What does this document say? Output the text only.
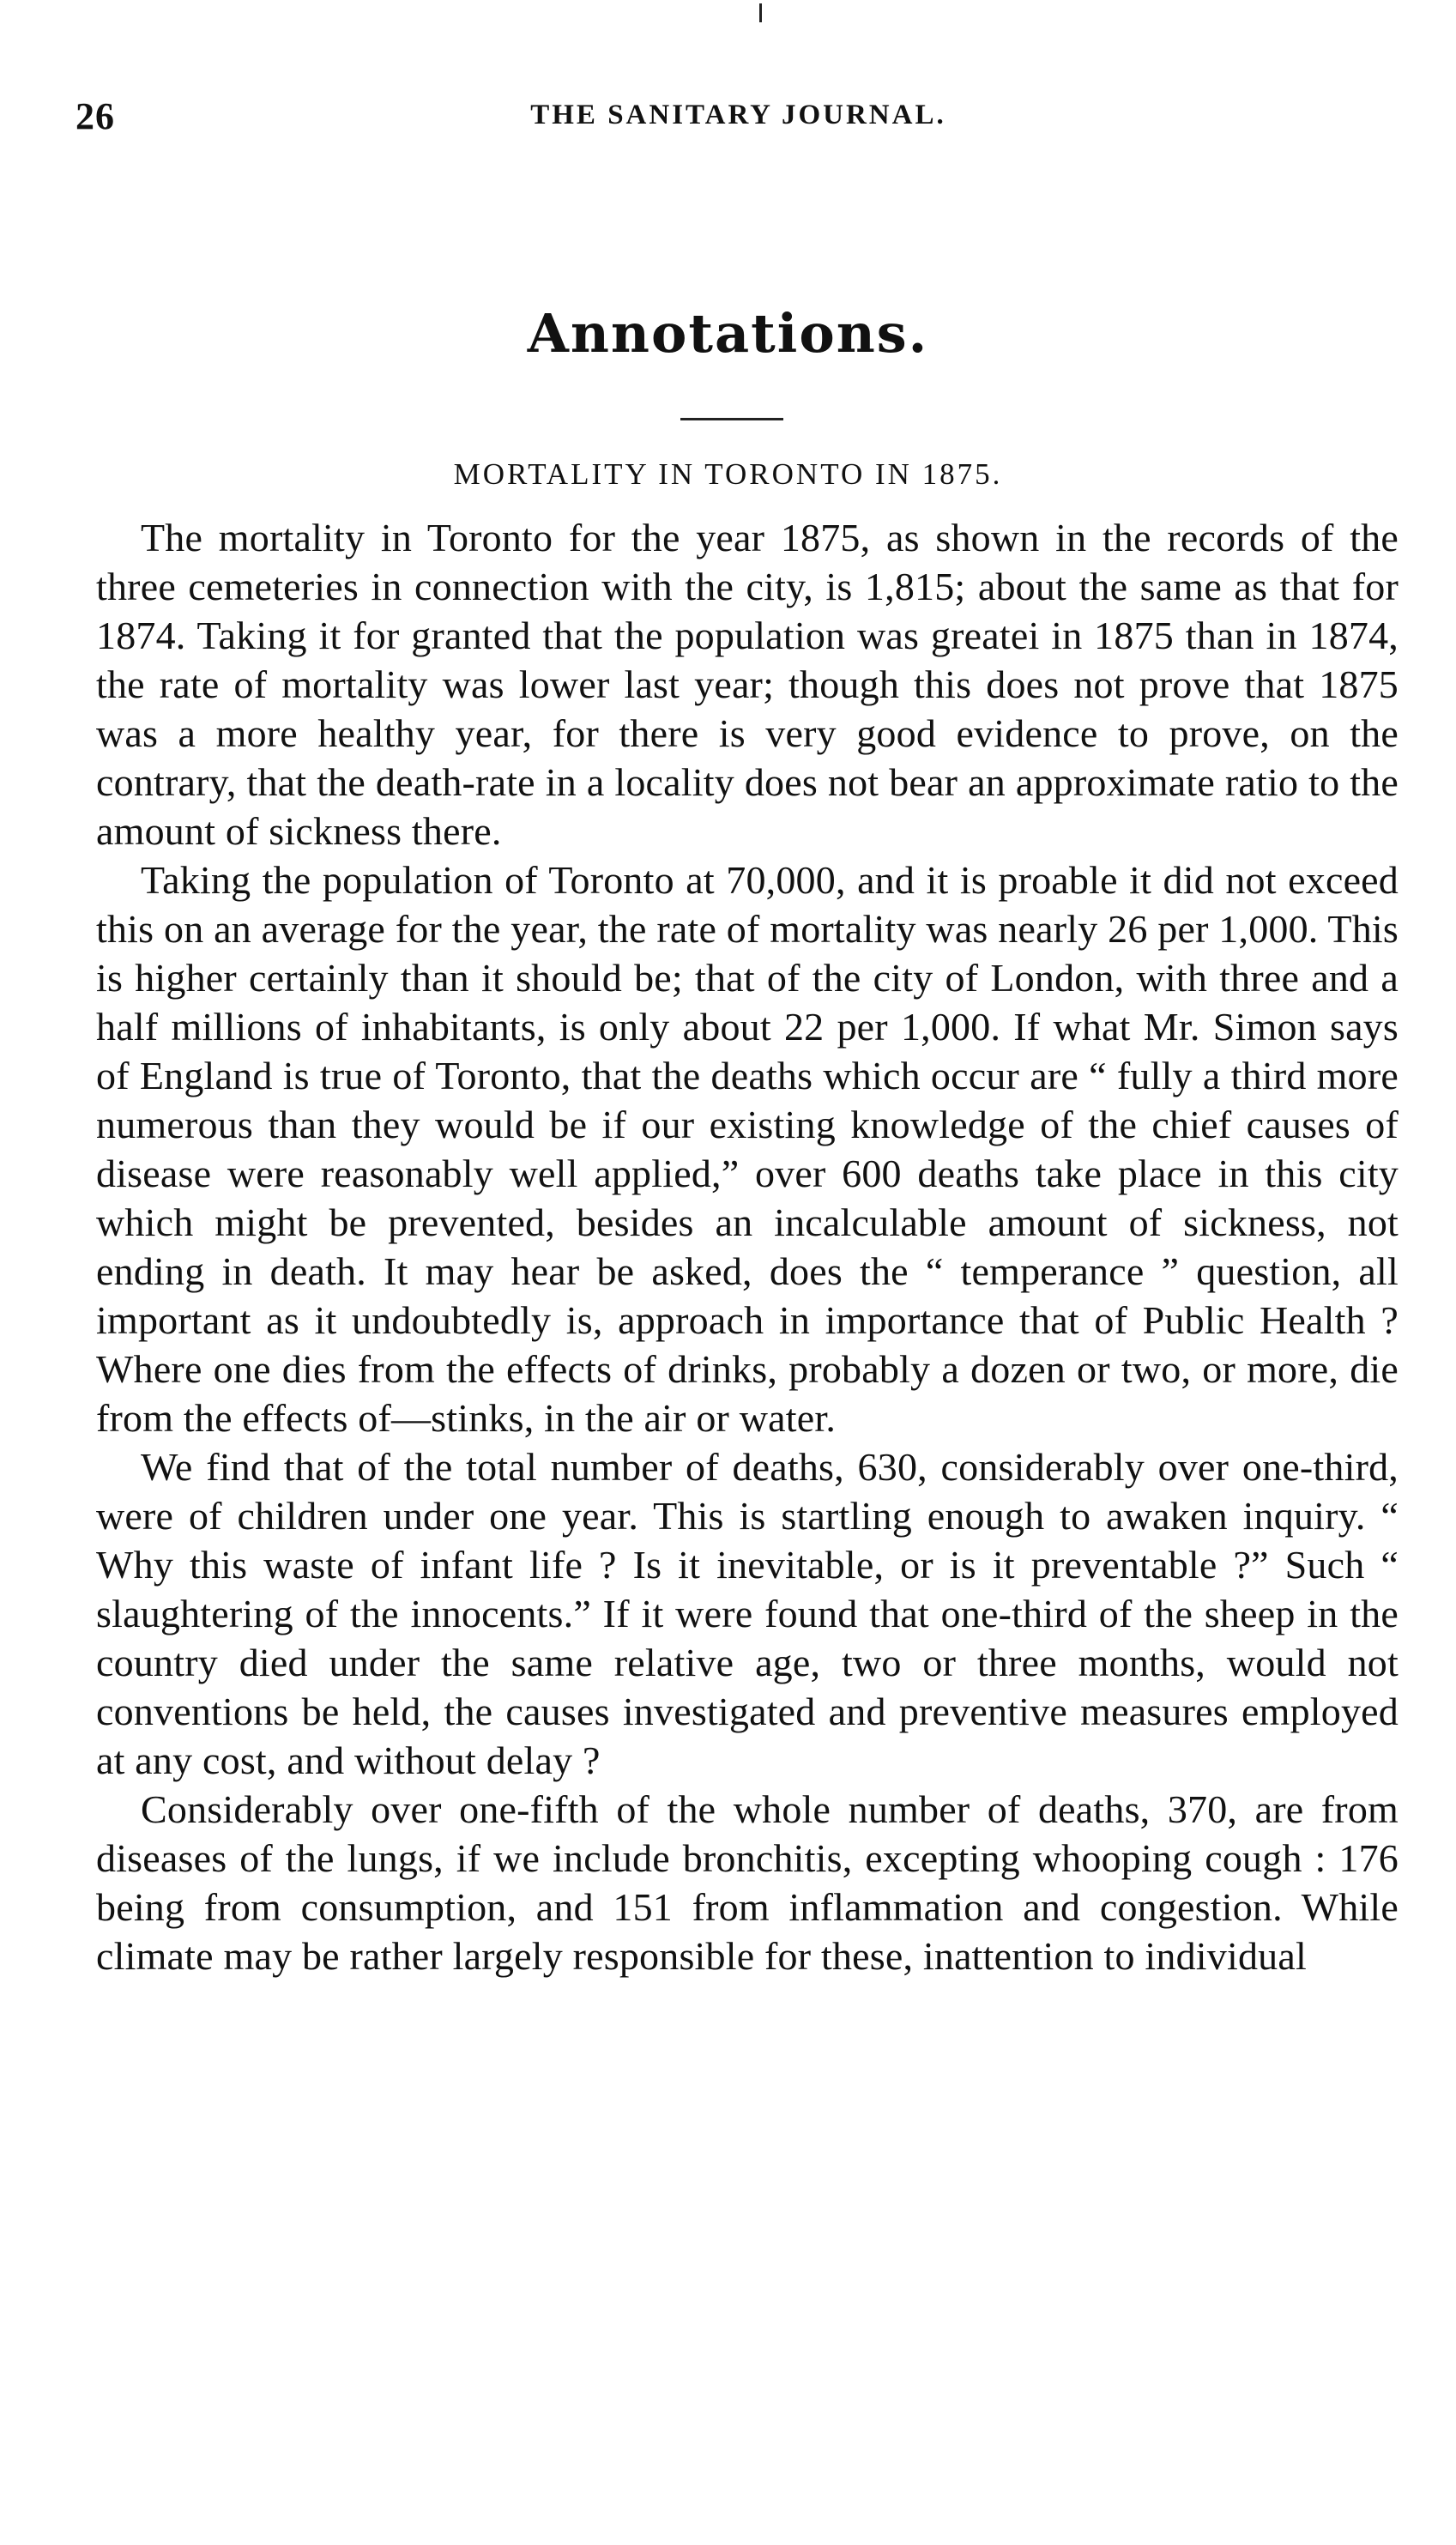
26	THE SANITARY JOURNAL.
Annotations.
MORTALITY IN TORONTO IN 1875.

The mortality in Toronto for the year 1875, as shown in the records of the three cemeteries in connection with the city, is 1,815; about the same as that for 1874. Taking it for granted that the population was greatei in 1875 than in 1874, the rate of mortality was lower last year; though this does not prove that 1875 was a more healthy year, for there is very good evidence to prove, on the contrary, that the death-rate in a locality does not bear an approximate ratio to the amount of sickness there.

Taking the population of Toronto at 70,000, and it is proable it did not exceed this on an average for the year, the rate of mortality was nearly 26 per 1,000. This is higher certainly than it should be; that of the city of London, with three and a half millions of inhabitants, is only about 22 per 1,000. If what Mr. Simon says of England is true of Toronto, that the deaths which occur are “ fully a third more numerous than they would be if our existing knowledge of the chief causes of disease were reasonably well applied,” over 600 deaths take place in this city which might be prevented, besides an incalculable amount of sickness, not ending in death. It may hear be asked, does the “ temperance ” question, all important as it undoubtedly is, approach in importance that of Public Health ? Where one dies from the effects of drinks, probably a dozen or two, or more, die from the effects of—stinks, in the air or water.

We find that of the total number of deaths, 630, considerably over one-third, were of children under one year. This is startling enough to awaken inquiry. “ Why this waste of infant life ? Is it inevitable, or is it preventable ?” Such “ slaughtering of the innocents.” If it were found that one-third of the sheep in the country died under the same relative age, two or three months, would not conventions be held, the causes investigated and preventive measures employed at any cost, and without delay ?

Considerably over one-fifth of the whole number of deaths, 370, are from diseases of the lungs, if we include bronchitis, excepting whooping cough : 176 being from consumption, and 151 from inflammation and congestion. While climate may be rather largely responsible for these, inattention to individual
